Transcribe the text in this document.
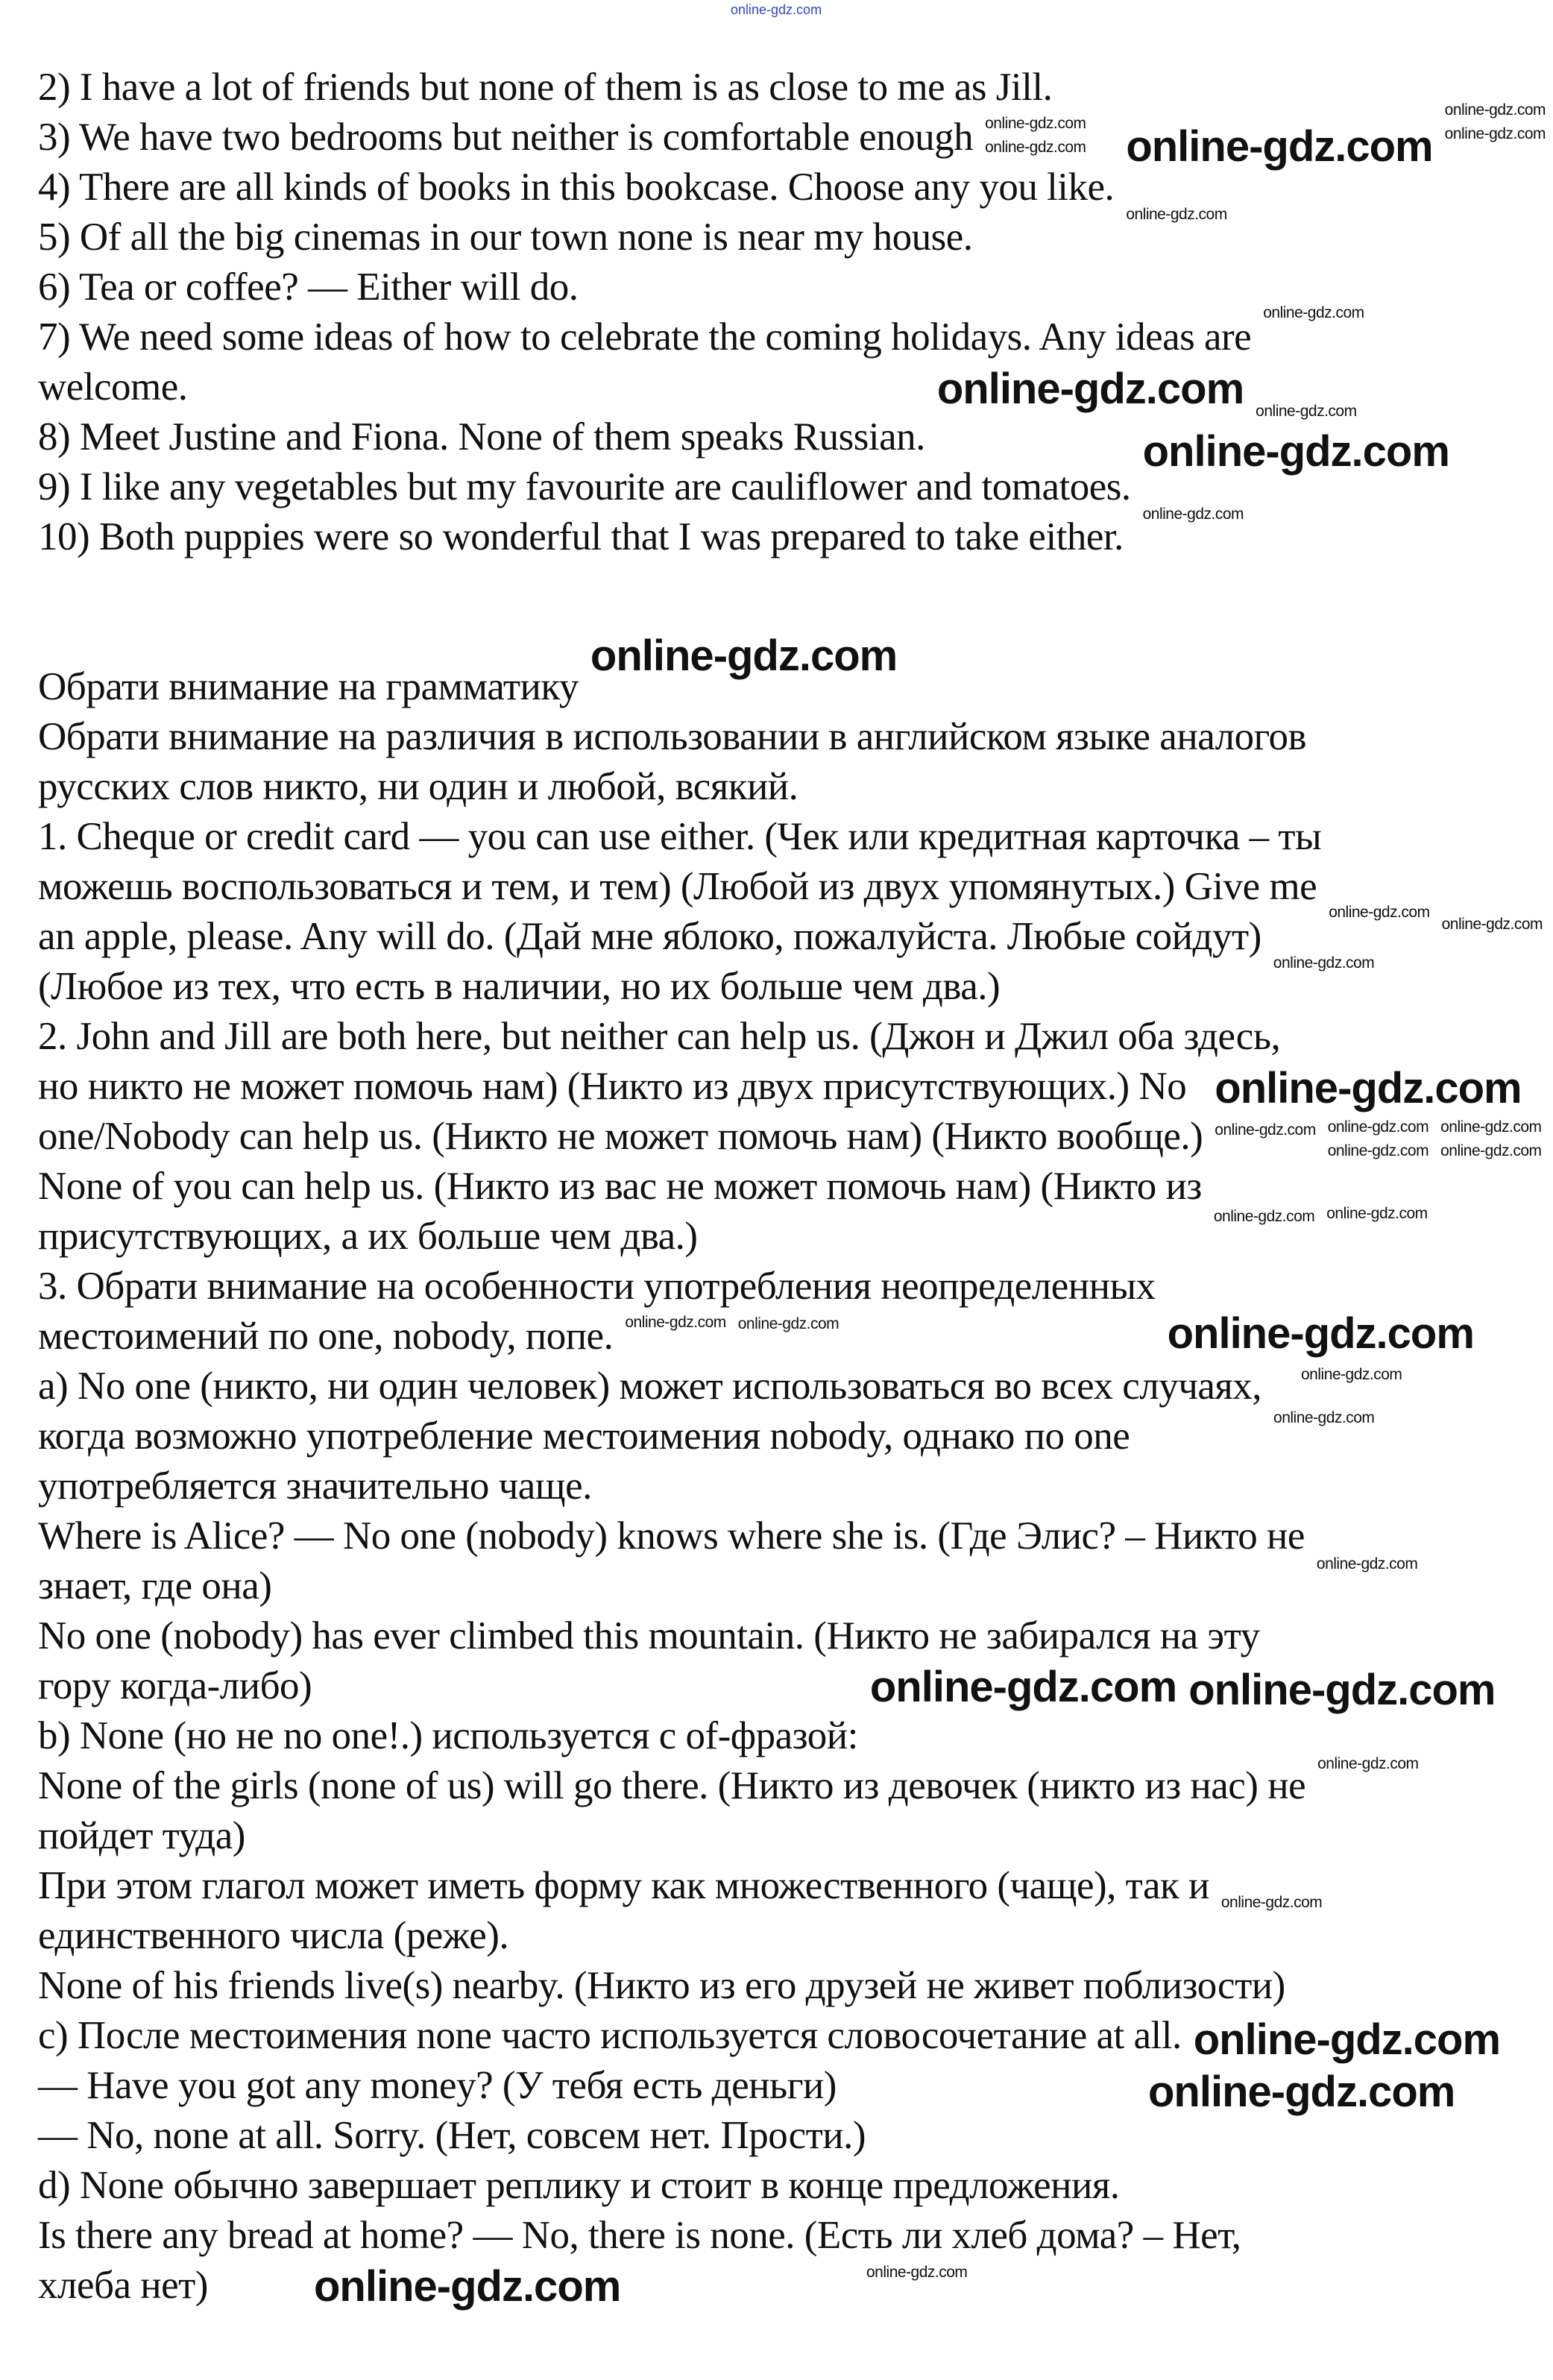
2) I have a lot of friends but none of them is as close to me as Jill.
3) We have two bedrooms but neither is comfortable enough
4) There are all kinds of books in this bookcase. Choose any you like.
5) Of all the big cinemas in our town none is near my house.
6) Tea or coffee? — Either will do.
7) We need some ideas of how to celebrate the coming holidays. Any ideas are
welcome.
8) Meet Justine and Fiona. None of them speaks Russian.
9) I like any vegetables but my favourite are cauliflower and tomatoes.
10) Both puppies were so wonderful that I was prepared to take either.
Обрати внимание на грамматику
Обрати внимание на различия в использовании в английском языке аналогов
русских слов никто, ни один и любой, всякий.
1. Cheque or credit card — you can use either. (Чек или кредитная карточка – ты
можешь воспользоваться и тем, и тем) (Любой из двух упомянутых.) Give me
an apple, please. Any will do. (Дай мне яблоко, пожалуйста. Любые сойдут)
(Любое из тех, что есть в наличии, но их больше чем два.)
2. John and Jill are both here, but neither can help us. (Джон и Джил оба здесь,
но никто не может помочь нам) (Никто из двух присутствующих.) No
one/Nobody can help us. (Никто не может помочь нам) (Никто вообще.)
None of you can help us. (Никто из вас не может помочь нам) (Никто из
присутствующих, а их больше чем два.)
3. Обрати внимание на особенности употребления неопределенных
местоимений по one, nobody, попе.
а) No one (никто, ни один человек) может использоваться во всех случаях,
когда возможно употребление местоимения nobody, однако по one
употребляется значительно чаще.
Where is Alice? — No one (nobody) knows where she is. (Где Элис? – Никто не
знает, где она)
No one (nobody) has ever climbed this mountain. (Никто не забирался на эту
гору когда-либо)
b) None (но не no one!.) используется с of-фразой:
None of the girls (none of us) will go there. (Никто из девочек (никто из нас) не
пойдет туда)
При этом глагол может иметь форму как множественного (чаще), так и
единственного числа (реже).
None of his friends live(s) nearby. (Никто из его друзей не живет поблизости)
c) После местоимения none часто используется словосочетание at all.
— Have you got any money? (У тебя есть деньги)
— No, none at all. Sorry. (Нет, совсем нет. Прости.)
d) None обычно завершает реплику и стоит в конце предложения.
Is there any bread at home? — No, there is none. (Есть ли хлеб дома? – Нет,
хлеба нет)
online-gdz.com
online-gdz.com
online-gdz.com
online-gdz.com
online-gdz.com
online-gdz.com
online-gdz.com
online-gdz.com online-gdz.com
online-gdz.com
online-gdz.com
online-gdz.com
online-gdz.com
online-gdz.com
online-gdz.com
online-gdz.com
online-gdz.com
online-gdz.com
online-gdz.com
online-gdz.com
online-gdz.com
online-gdz.com
online-gdz.com
online-gdz.com online-gdz.com online-gdz.com
online-gdz.com online-gdz.com
online-gdz.com online-gdz.com
online-gdz.com online-gdz.com
online-gdz.com
online-gdz.com
online-gdz.com
online-gdz.com
online-gdz.com
online-gdz.com
